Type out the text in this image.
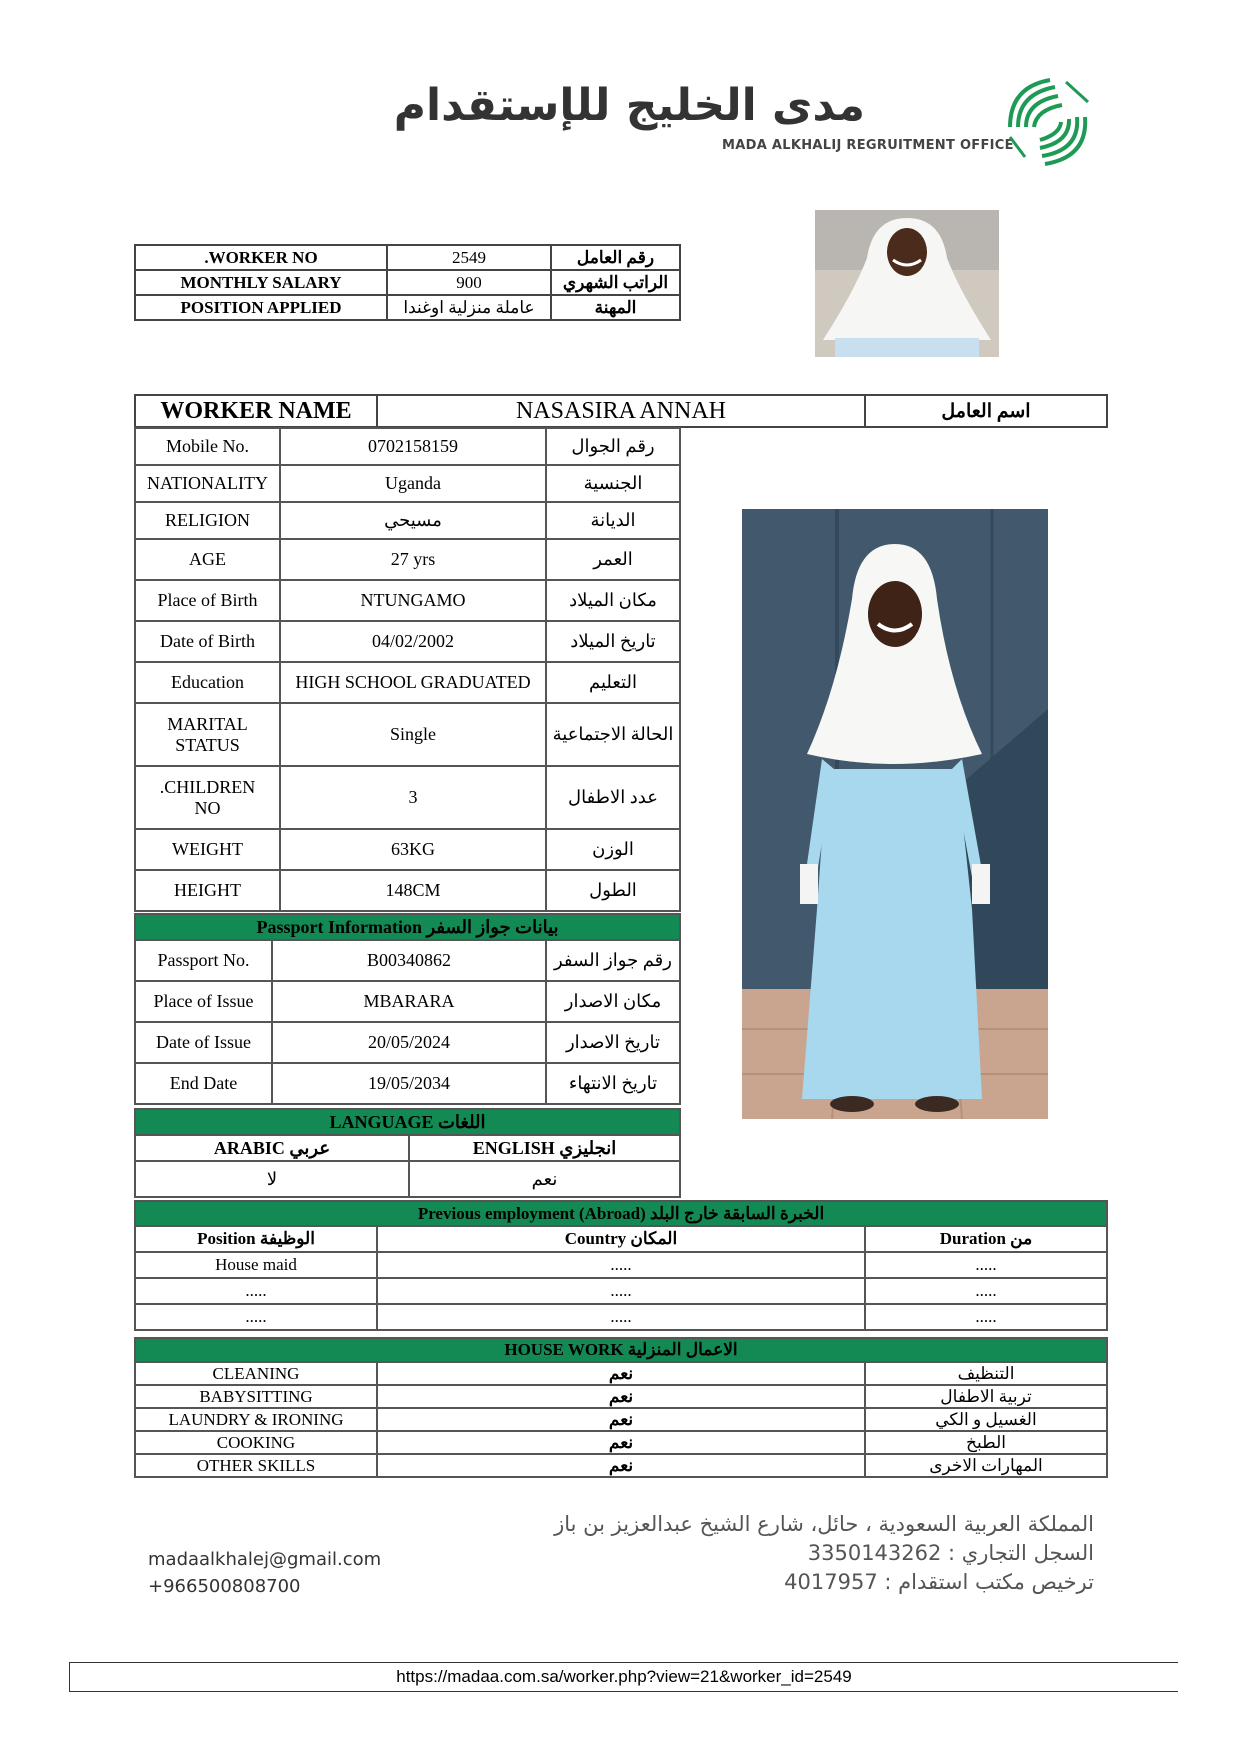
مدى الخليج للإستقدام
MADA ALKHALIJ REGRUITMENT OFFICE
.WORKER NO	2549	رقم العامل
MONTHLY SALARY	900	الراتب الشهري
POSITION APPLIED	عاملة منزلية اوغندا	المهنة
WORKER NAME	NASASIRA ANNAH	اسم العامل
Mobile No.	0702158159	رقم الجوال
NATIONALITY	Uganda	الجنسية
RELIGION	مسيحي	الديانة
AGE	27 yrs	العمر
Place of Birth	NTUNGAMO	مكان الميلاد
Date of Birth	04/02/2002	تاريخ الميلاد
Education	HIGH SCHOOL GRADUATED	التعليم
MARITAL STATUS	Single	الحالة الاجتماعية
.CHILDREN NO	3	عدد الاطفال
WEIGHT	63KG	الوزن
HEIGHT	148CM	الطول
Passport Information بيانات جواز السفر		
Passport No.	B00340862	رقم جواز السفر
Place of Issue	MBARARA	مكان الاصدار
Date of Issue	20/05/2024	تاريخ الاصدار
End Date	19/05/2034	تاريخ الانتهاء
LANGUAGE اللغات	
ARABIC عربي	ENGLISH انجليزي
لا	نعم
Previous employment (Abroad) الخبرة السابقة خارج البلد		
Position الوظيفة	Country المكان	Duration من
House maid	.....	.....
.....	.....	.....
.....	.....	.....
HOUSE WORK الاعمال المنزلية		
CLEANING	نعم	التنظيف
BABYSITTING	نعم	تربية الاطفال
LAUNDRY & IRONING	نعم	الغسيل و الكي
COOKING	نعم	الطبخ
OTHER SKILLS	نعم	المهارات الاخرى
المملكة العربية السعودية ، حائل، شارع الشيخ عبدالعزيز بن باز
السجل التجاري : 3350143262
ترخيص مكتب استقدام : 4017957
madaalkhalej@gmail.com
+966500808700
https://madaa.com.sa/worker.php?view=21&worker_id=2549
